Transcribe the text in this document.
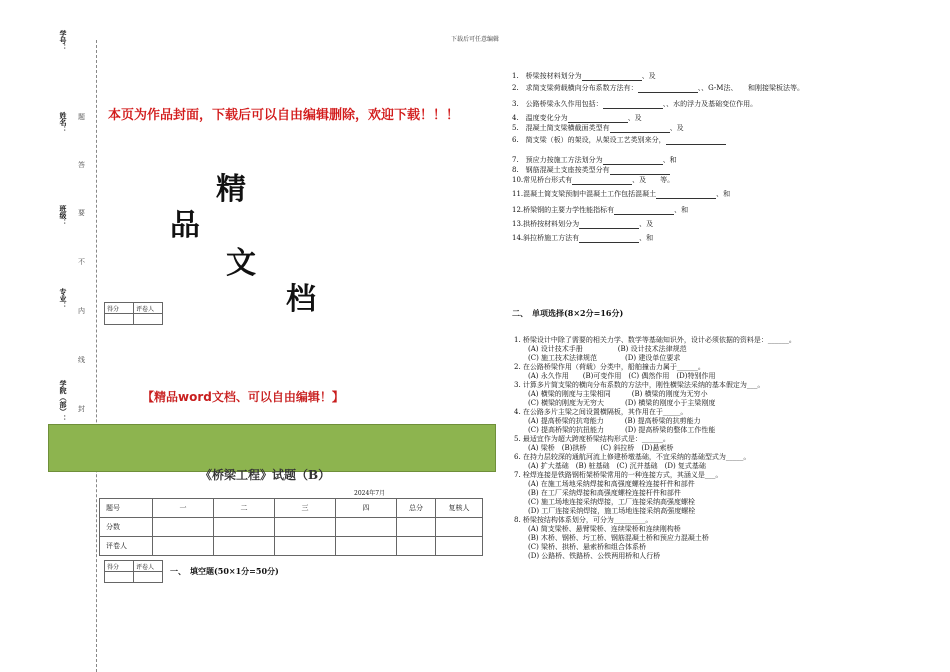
下载后可任意编辑
学号：
姓名：
班级：
专业：
学院（部）：
题
答
要
不
内
线
封
本页为作品封面，下载后可以自由编辑删除，欢迎下载！！！
精
品
文
档
得分	评卷人

【精品word文档、可以自由编辑！】
《桥梁工程》试题（B）
2024年7月
题号	一	二	三	四	总分	复核人
分数						
评卷人						
得分	评卷人
	一、　填空题(50×1分=50分)

1.　桥梁按材料划分为	、及

2.　求简支梁荷载横向分布系数方法有：	、、G-M法、　　和刚接梁板法等。

3.　公路桥梁永久作用包括：	、、水的浮力及基础变位作用。

4.　温度变化分为	、及

5.　混凝土简支梁横截面类型有	、及

6.　简支梁（板）的架设，从架设工艺类别来分，

7.　预应力按施工方法划分为	、和

8.　钢筋混凝土支座按类型分有

10.常见桥台形式有	、及　　等。

11.混凝土简支梁预制中混凝土工作包括混凝土	、和

12.桥梁钢的主要力学性能指标有	、和

13.拱桥按材料划分为	、及

14.斜拉桥施工方法有	、和

二、　单项选择(8×2分=16分)

1. 桥梁设计中除了需要的相关力学、数学等基础知识外，设计必须依据的资料是：______。

(A) 设计技术手册　　　　　(B) 设计技术法律规范

(C) 施工技术法律规范　　　　(D) 建设单位要求

2. 在公路桥梁作用（荷载）分类中，船舶撞击力属于______。

(A) 永久作用　　(B)可变作用　(C) 偶然作用　(D)特别作用

3. 计算多片简支梁的横向分布系数的方法中，刚性横梁法采纳的基本假定为___。

(A) 横梁的刚度与主梁相同　　　(B) 横梁的刚度为无穷小

(C) 横梁的刚度为无穷大　　　(D) 横梁的刚度小于主梁刚度

4. 在公路多片主梁之间设置横隔板，其作用在于_____。

(A) 提高桥梁的抗弯能力　　　(B) 提高桥梁的抗剪能力

(C) 提高桥梁的抗扭能力　　　(D) 提高桥梁的整体工作性能

5. 最适宜作为超大跨度桥梁结构形式是：______。

(A) 梁桥　(B)拱桥　　(C) 斜拉桥　(D)悬索桥

6. 在持力层较深的通航河流上修建桥墩基础，不宜采纳的基础型式为_____。

(A) 扩大基础　(B) 桩基础　(C) 沉井基础　(D) 复式基础

7. 栓焊连接是铁路钢桁架桥梁常用的一种连接方式，其涵义是___。

(A) 在施工场地采纳焊接和高强度螺栓连接杆件和部件

(B) 在工厂采纳焊接和高强度螺栓连接杆件和部件

(C) 施工场地连接采纳焊接，工厂连接采纳高强度螺栓

(D) 工厂连接采纳焊接，施工场地连接采纳高强度螺栓

8. 桥梁按结构体系划分，可分为_________。

(A) 简支梁桥、悬臂梁桥、连续梁桥和连续刚构桥

(B) 木桥、钢桥、圬工桥、钢筋混凝土桥和预应力混凝土桥

(C) 梁桥、拱桥、悬索桥和组合体系桥

(D) 公路桥、铁路桥、公铁两用桥和人行桥
